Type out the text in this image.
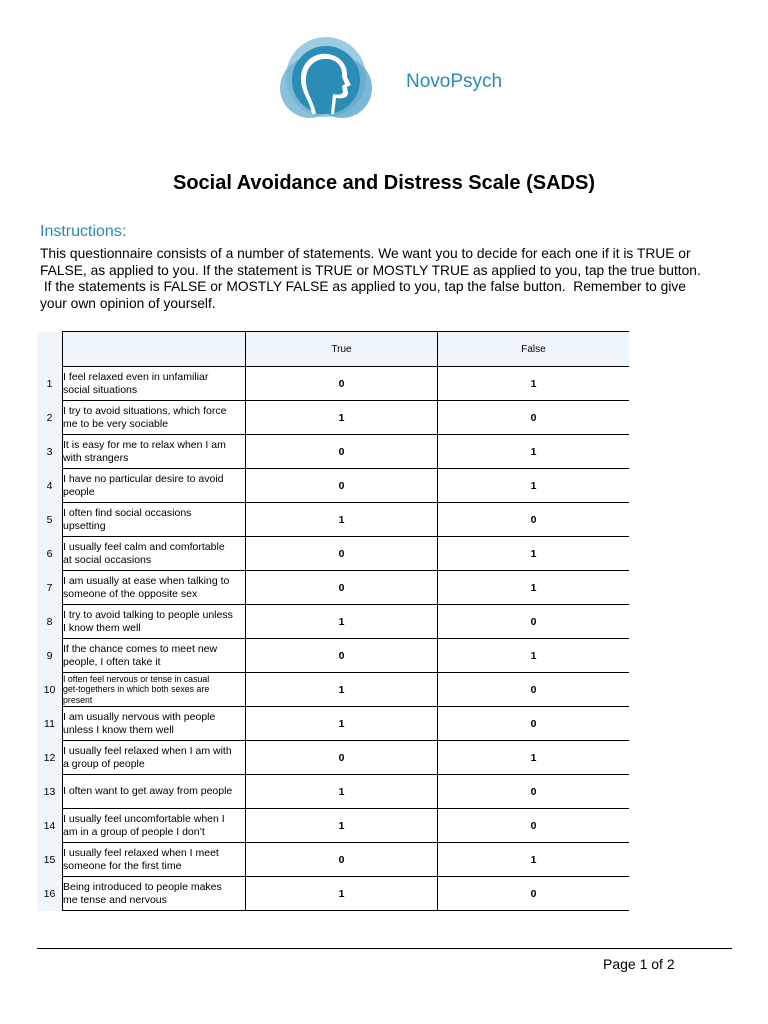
NovoPsych
Social Avoidance and Distress Scale (SADS)
Instructions:

This questionnaire consists of a number of statements. We want you to decide for each one if it is TRUE or
FALSE, as applied to you. If the statement is TRUE or MOSTLY TRUE as applied to you, tap the true button.
If the statements is FALSE or MOSTLY FALSE as applied to you, tap the false button.  Remember to give
your own opinion of yourself.

		True	False
1	I feel relaxed even in unfamiliar
social situations	0	1
2	I try to avoid situations, which force
me to be very sociable	1	0
3	It is easy for me to relax when I am
with strangers	0	1
4	I have no particular desire to avoid
people	0	1
5	I often find social occasions
upsetting	1	0
6	I usually feel calm and comfortable
at social occasions	0	1
7	I am usually at ease when talking to
someone of the opposite sex	0	1
8	I try to avoid talking to people unless
I know them well	1	0
9	If the chance comes to meet new
people, I often take it	0	1
10	I often feel nervous or tense in casual
get-togethers in which both sexes are
present	1	0
11	I am usually nervous with people
unless I know them well	1	0
12	I usually feel relaxed when I am with
a group of people	0	1
13	I often want to get away from people	1	0
14	I usually feel uncomfortable when I
am in a group of people I don’t	1	0
15	I usually feel relaxed when I meet
someone for the first time	0	1
16	Being introduced to people makes
me tense and nervous	1	0
Page 1 of 2
